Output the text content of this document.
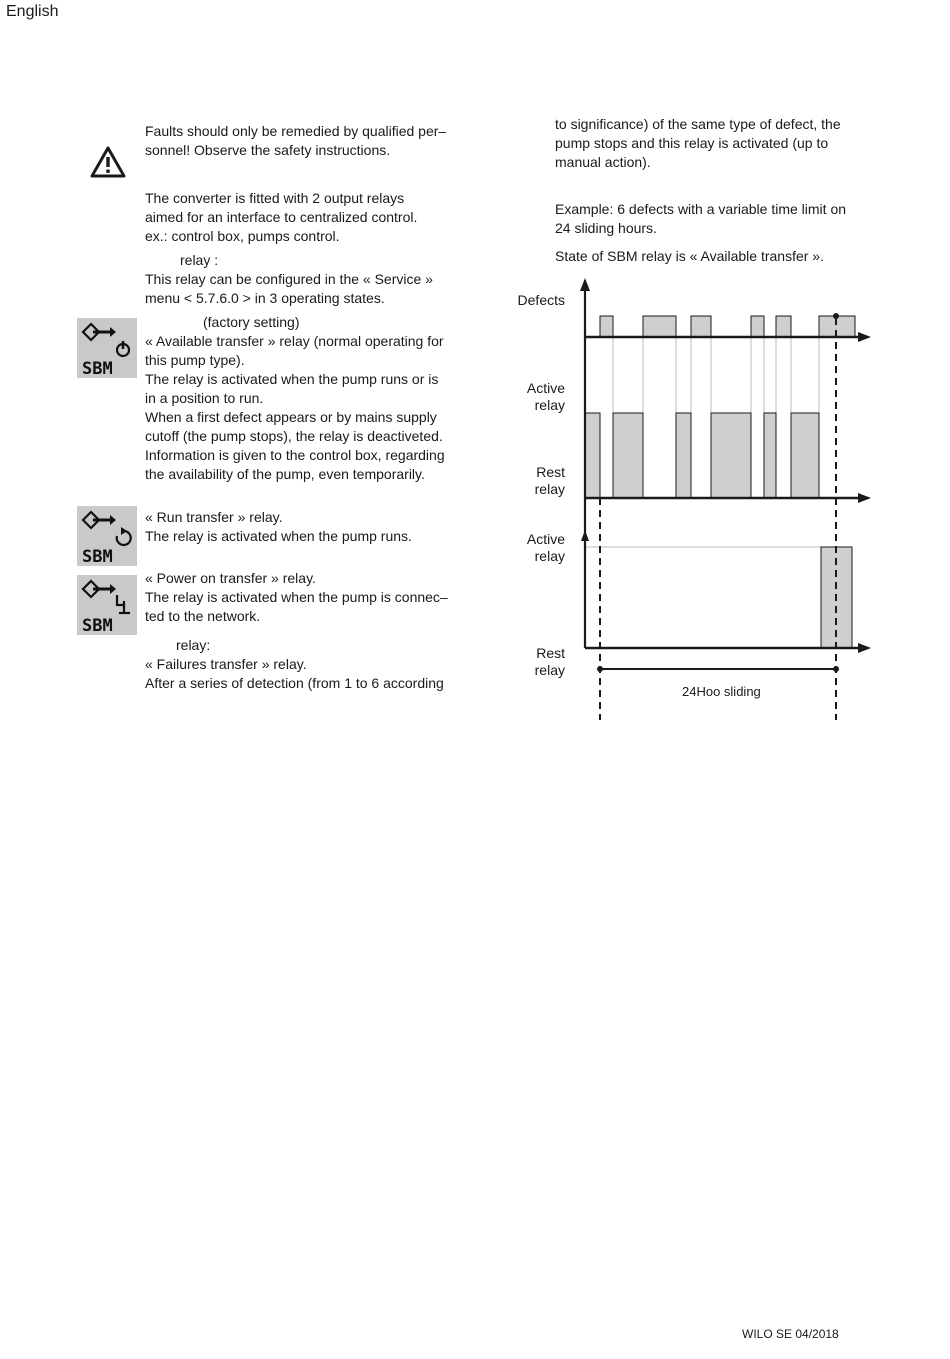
English
Faults should only be remedied by qualified per–
sonnel! Observe the safety instructions.
The converter is fitted with 2 output relays
aimed for an interface to centralized control.
ex.: control box, pumps control.
relay :
This relay can be configured in the « Service »
menu < 5.7.6.0 > in 3 operating states.
(factory setting)
« Available transfer » relay (normal operating for
this pump type).
The relay is activated when the pump runs or is
in a position to run.
When a first defect appears or by mains supply
cutoff (the pump stops), the relay is deactiveted.
Information is given to the control box, regarding
the availability of the pump, even temporarily.
« Run transfer » relay.
The relay is activated when the pump runs.
« Power on transfer » relay.
The relay is activated when the pump is connec–
ted to the network.
relay:
« Failures transfer » relay.
After a series of detection (from 1 to 6 according
SBM
SBM
SBM
to significance) of the same type of defect, the
pump stops and this relay is activated (up to
manual action).
Example: 6 defects with a variable time limit on
24 sliding hours.
State of SBM relay is « Available transfer ».
Defects
Active
relay
Rest
relay
Active
relay
Rest
relay
24Hoo sliding
WILO SE 04/2018
